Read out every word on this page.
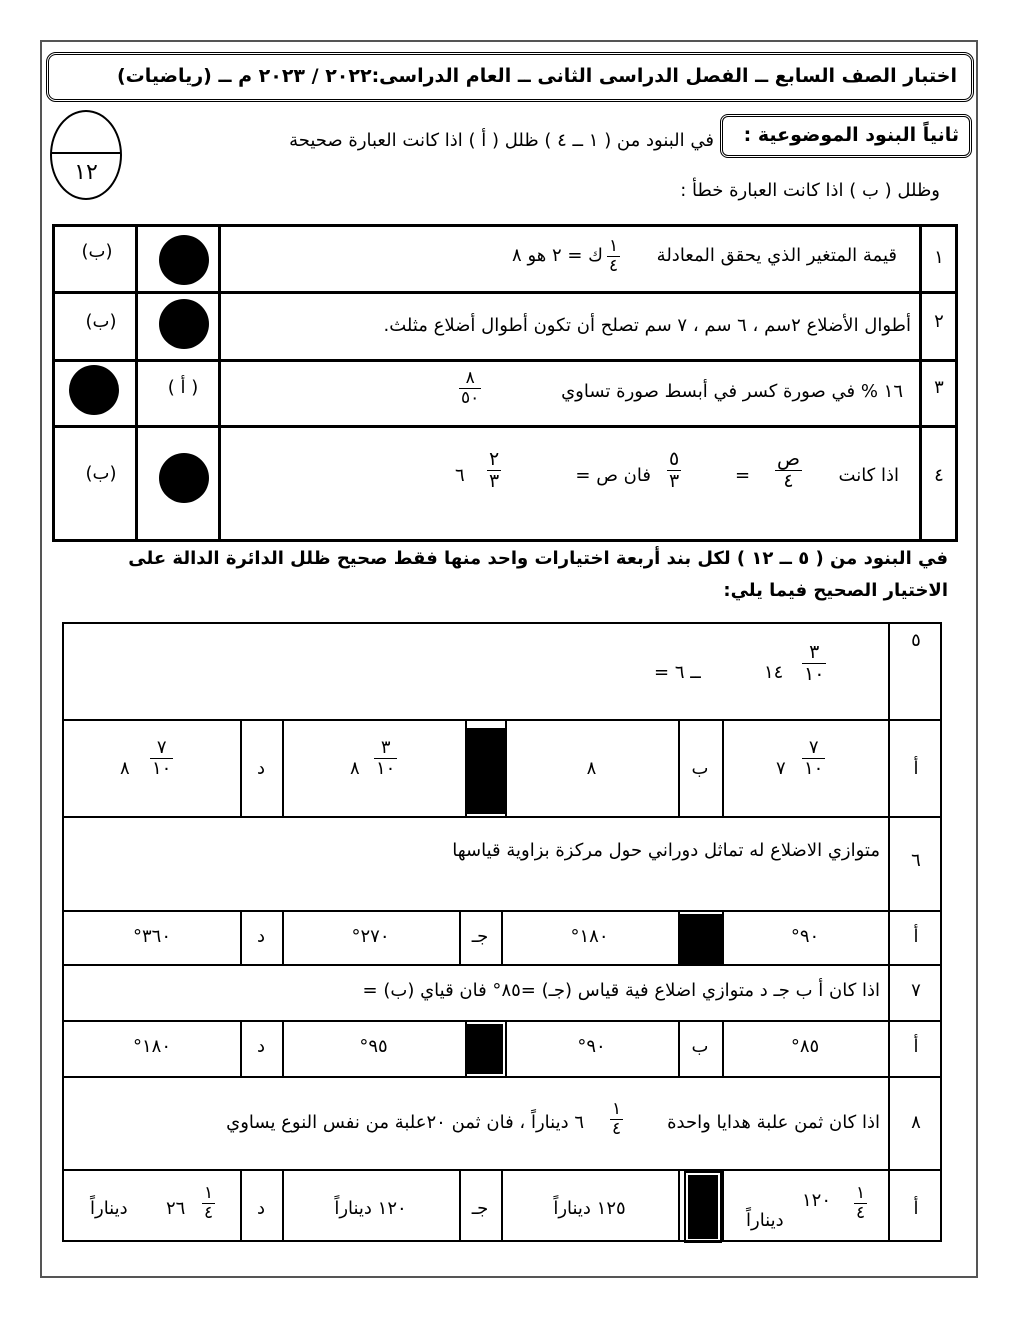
اختبار الصف السابع ــ الفصل الدراسى الثانى ــ العام الدراسى:٢٠٢٢ / ٢٠٢٣ م ــ (رياضيات)
١٢
ثانياً البنود الموضوعية :
في البنود من ( ١ ــ ٤ ) ظلل ( أ ) اذا كانت العبارة صحيحة
وظلل ( ب ) اذا كانت العبارة خطأ :
١
قيمة المتغير الذي يحقق المعادلة
١
٤
ك = ٢ هو ٨
(ب)
٢
أطوال الأضلاع ٢سم ، ٦ سم ، ٧ سم تصلح أن تكون أطوال أضلاع مثلث.
(ب)
٣
١٦ % في صورة كسر في أبسط صورة تساوي
٨
٥٠
( أ )
٤
اذا كانت
ص
٤
=
٥
٣
فان ص =
٢
٣
٦
(ب)
في البنود من ( ٥ ــ ١٢ ) لكل بند أربعة اختيارات واحد منها فقط صحيح ظلل الدائرة الدالة على
الاختيار الصحيح فيما يلي:
٥
٣
١٠
١٤
ــ ٦ =
أ
٧
١٠
٧
ب
٨
٣
١٠
٨
د
٧
١٠
٨
٦
متوازي الاضلاع له تماثل دوراني حول مركزة بزاوية قياسها
أ
٩٠°
١٨٠°
جـ
٢٧٠°
د
٣٦٠°
٧
اذا كان أ ب جـ د متوازي اضلاع فية قياس (جـ) =٨٥° فان قياي (ب) =
أ
٨٥°
ب
٩٠°
٩٥°
د
١٨٠°
٨
اذا كان ثمن علبة هدايا واحدة
١
٤
٦ ديناراً ، فان ثمن ٢٠علبة من نفس النوع يساوي
أ
١
٤
١٢٠
ديناراً
١٢٥ ديناراً
جـ
١٢٠ ديناراً
د
١
٤
٢٦
ديناراً
